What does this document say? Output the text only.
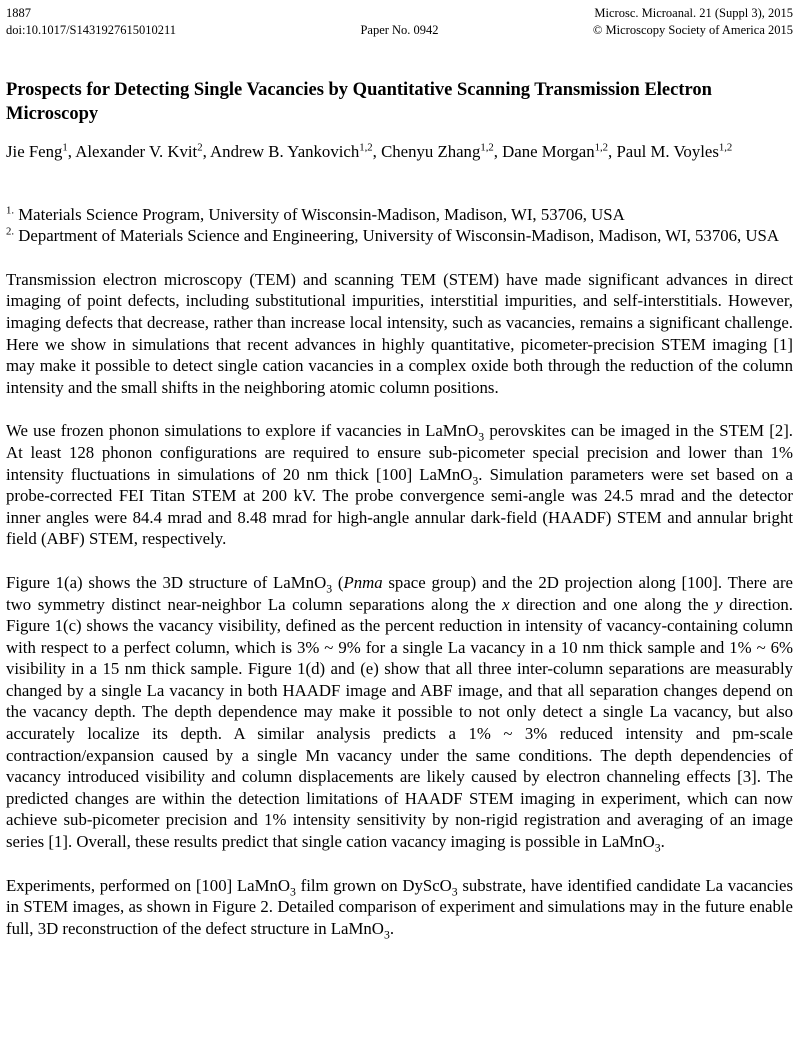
1887
doi:10.1017/S1431927615010211	Paper No. 0942
Microsc. Microanal. 21 (Suppl 3), 2015
© Microscopy Society of America 2015
Prospects for Detecting Single Vacancies by Quantitative Scanning Transmission Electron Microscopy

Jie Feng$^1$, Alexander V. Kvit$^2$, Andrew B. Yankovich$^{1,2}$, Chenyu Zhang$^{1,2}$, Dane Morgan$^{1,2}$, Paul M. Voyles$^{1,2}$

$^{1.}$ Materials Science Program, University of Wisconsin-Madison, Madison, WI, 53706, USA
$^{2.}$ Department of Materials Science and Engineering, University of Wisconsin-Madison, Madison, WI, 53706, USA

Transmission electron microscopy (TEM) and scanning TEM (STEM) have made significant advances in direct imaging of point defects, including substitutional impurities, interstitial impurities, and self-interstitials. However, imaging defects that decrease, rather than increase local intensity, such as vacancies, remains a significant challenge. Here we show in simulations that recent advances in highly quantitative, picometer-precision STEM imaging [1] may make it possible to detect single cation vacancies in a complex oxide both through the reduction of the column intensity and the small shifts in the neighboring atomic column positions.

We use frozen phonon simulations to explore if vacancies in LaMnO$_3$ perovskites can be imaged in the STEM [2]. At least 128 phonon configurations are required to ensure sub-picometer special precision and lower than 1% intensity fluctuations in simulations of 20 nm thick [100] LaMnO$_3$. Simulation parameters were set based on a probe-corrected FEI Titan STEM at 200 kV. The probe convergence semi-angle was 24.5 mrad and the detector inner angles were 84.4 mrad and 8.48 mrad for high-angle annular dark-field (HAADF) STEM and annular bright field (ABF) STEM, respectively.

Figure 1(a) shows the 3D structure of LaMnO$_3$ (Pnma space group) and the 2D projection along [100]. There are two symmetry distinct near-neighbor La column separations along the x direction and one along the y direction. Figure 1(c) shows the vacancy visibility, defined as the percent reduction in intensity of vacancy-containing column with respect to a perfect column, which is 3% ~ 9% for a single La vacancy in a 10 nm thick sample and 1% ~ 6% visibility in a 15 nm thick sample. Figure 1(d) and (e) show that all three inter-column separations are measurably changed by a single La vacancy in both HAADF image and ABF image, and that all separation changes depend on the vacancy depth. The depth dependence may make it possible to not only detect a single La vacancy, but also accurately localize its depth. A similar analysis predicts a 1% ~ 3% reduced intensity and pm-scale contraction/expansion caused by a single Mn vacancy under the same conditions. The depth dependencies of vacancy introduced visibility and column displacements are likely caused by electron channeling effects [3]. The predicted changes are within the detection limitations of HAADF STEM imaging in experiment, which can now achieve sub-picometer precision and 1% intensity sensitivity by non-rigid registration and averaging of an image series [1]. Overall, these results predict that single cation vacancy imaging is possible in LaMnO$_3$.

Experiments, performed on [100] LaMnO$_3$ film grown on DyScO$_3$ substrate, have identified candidate La vacancies in STEM images, as shown in Figure 2. Detailed comparison of experiment and simulations may in the future enable full, 3D reconstruction of the defect structure in LaMnO$_3$.
